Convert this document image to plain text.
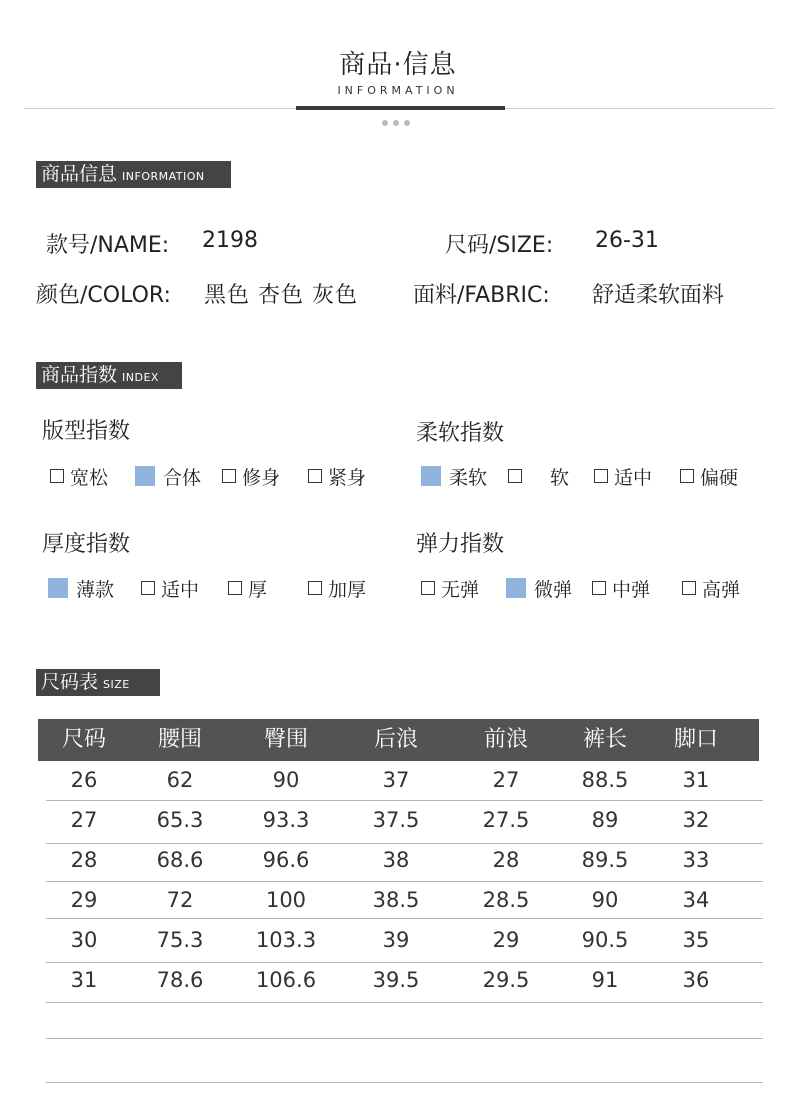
商品·信息
INFORMATION
商品信息 INFORMATION
款号/NAME: 2198	尺码/SIZE: 26-31
颜色/COLOR: 黑色 杏色 灰色	面料/FABRIC: 舒适柔软面料
商品指数 INDEX
版型指数
宽松	合体 修身	紧身
柔软指数
柔软	软 适中	偏硬
厚度指数
薄款 适中	厚	加厚
弹力指数
无弹	微弹 中弹	高弹
尺码表 SIZE
尺码	腰围	臀围	后浪	前浪	裤长	脚口
26	62	90	37	27	88.5	31
27	65.3	93.3	37.5	27.5	89	32
28	68.6	96.6	38	28	89.5	33
29	72	100	38.5	28.5	90	34
30	75.3	103.3	39	29	90.5	35
31	78.6	106.6	39.5	29.5	91	36
